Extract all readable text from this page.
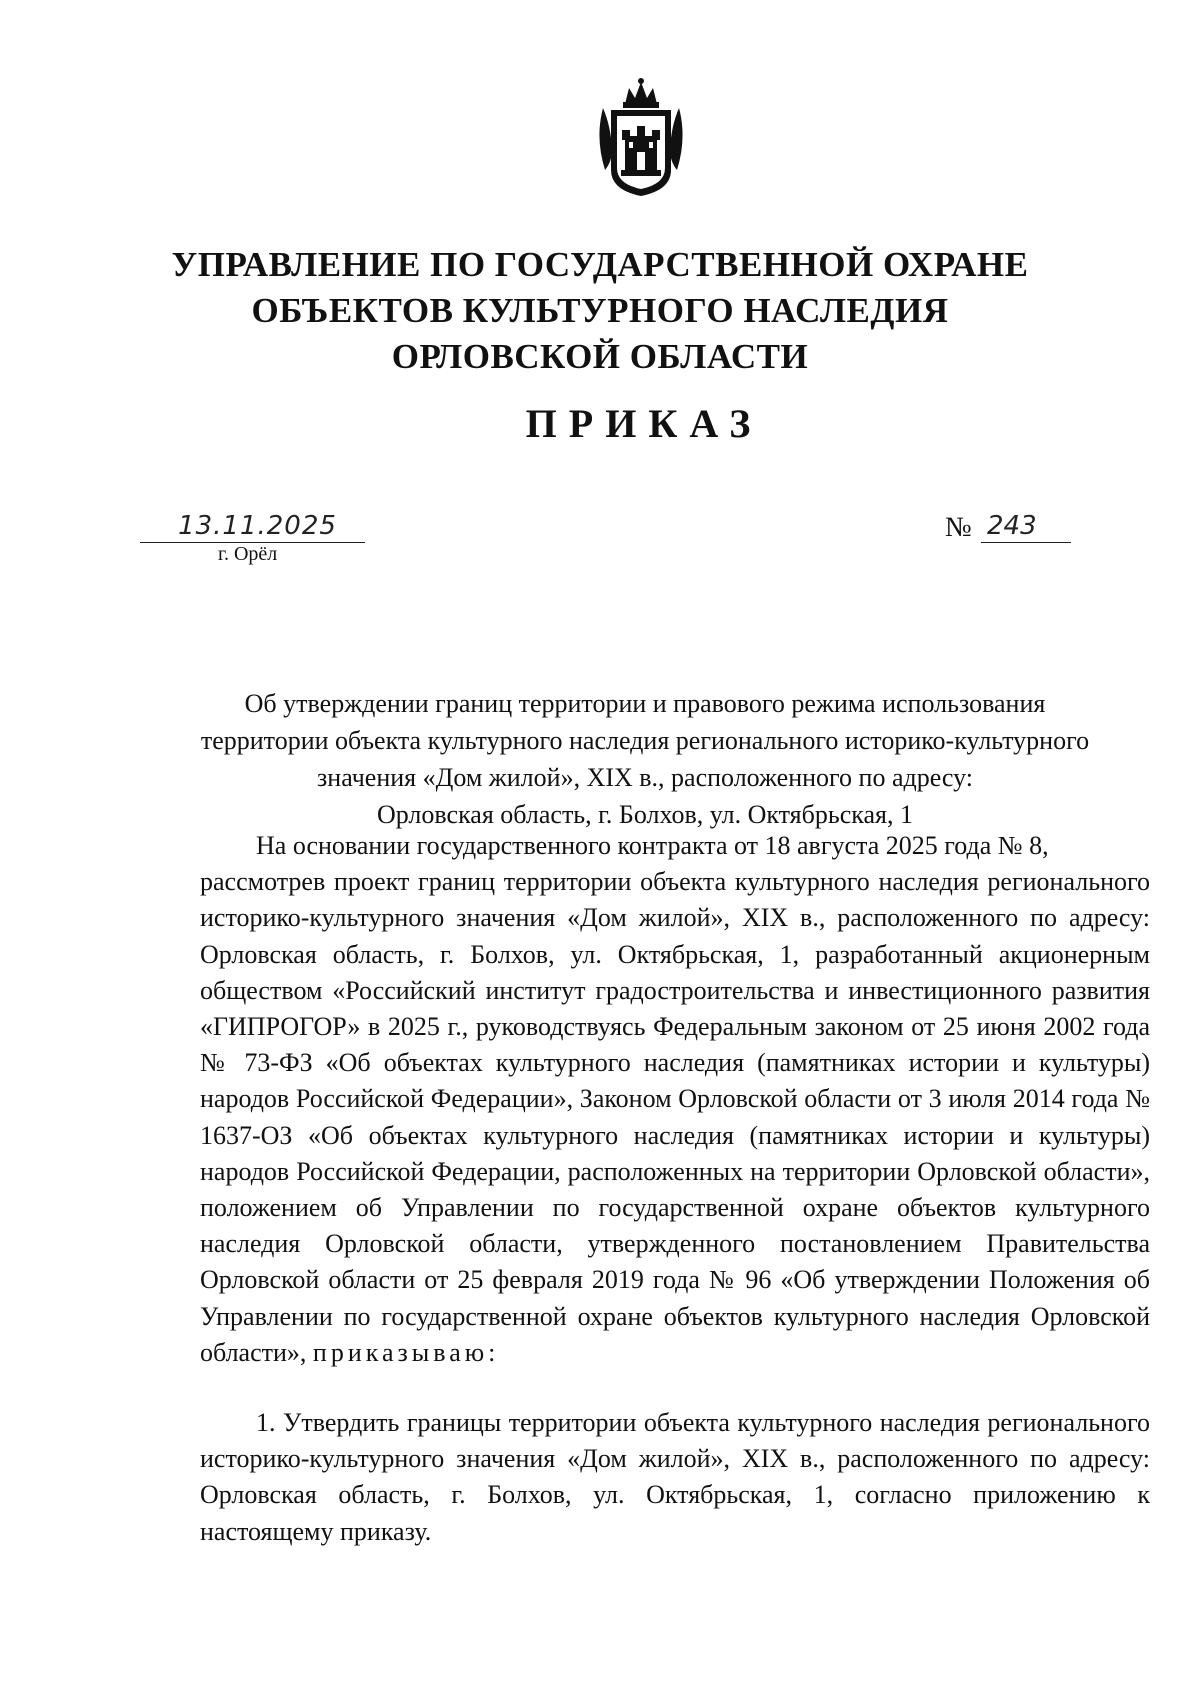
УПРАВЛЕНИЕ ПО ГОСУДАРСТВЕННОЙ ОХРАНЕ
ОБЪЕКТОВ КУЛЬТУРНОГО НАСЛЕДИЯ
ОРЛОВСКОЙ ОБЛАСТИ
ПРИКАЗ
13.11.2025
г. Орёл
№ 243
Об утверждении границ территории и правового режима использования
территории объекта культурного наследия регионального историко-культурного
значения «Дом жилой», XIX в., расположенного по адресу:
Орловская область, г. Болхов, ул. Октябрьская, 1

На основании государственного контракта от 18 августа 2025 года № 8,
рассмотрев проект границ территории объекта культурного наследия регионального историко-культурного значения «Дом жилой», XIX в., расположенного по адресу: Орловская область, г. Болхов, ул. Октябрьская, 1, разработанный акционерным обществом «Российский институт градостроительства и инвестиционного развития «ГИПРОГОР» в 2025 г., руководствуясь Федеральным законом от 25 июня 2002 года № 73-ФЗ «Об объектах культурного наследия (памятниках истории и культуры) народов Российской Федерации», Законом Орловской области от 3 июля 2014 года № 1637-ОЗ «Об объектах культурного наследия (памятниках истории и культуры) народов Российской Федерации, расположенных на территории Орловской области», положением об Управлении по государственной охране объектов культурного наследия Орловской области, утвержденного постановлением Правительства Орловской области от 25 февраля 2019 года № 96 «Об утверждении Положения об Управлении по государственной охране объектов культурного наследия Орловской области», приказываю:

1. Утвердить границы территории объекта культурного наследия регионального историко-культурного значения «Дом жилой», XIX в., расположенного по адресу: Орловская область, г. Болхов, ул. Октябрьская, 1, согласно приложению к настоящему приказу.
